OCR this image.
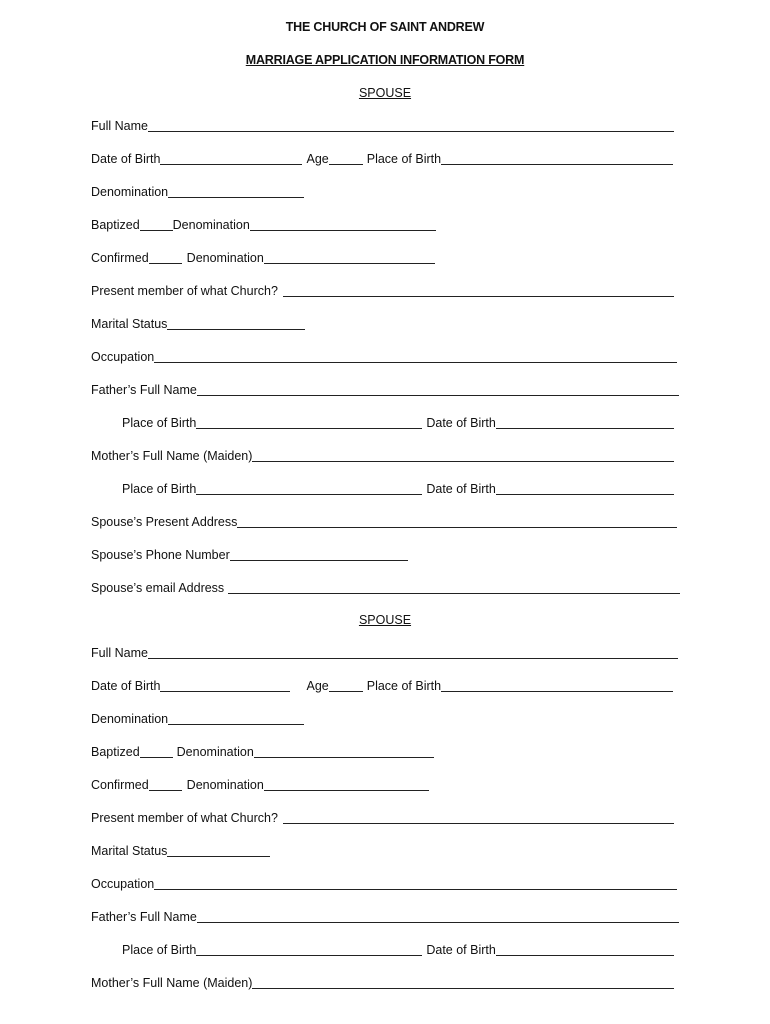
THE CHURCH OF SAINT ANDREW
MARRIAGE APPLICATION INFORMATION FORM
SPOUSE
Full Name
Date of Birth	Age	Place of Birth
Denomination
Baptized	Denomination
Confirmed	Denomination
Present member of what Church?
Marital Status
Occupation
Father’s Full Name
Place of Birth	Date of Birth
Mother’s Full Name (Maiden)
Place of Birth	Date of Birth
Spouse’s Present Address
Spouse’s Phone Number
Spouse’s email Address
SPOUSE
Full Name
Date of Birth	Age	Place of Birth
Denomination
Baptized	Denomination
Confirmed	Denomination
Present member of what Church?
Marital Status
Occupation
Father’s Full Name
Place of Birth	Date of Birth
Mother’s Full Name (Maiden)
